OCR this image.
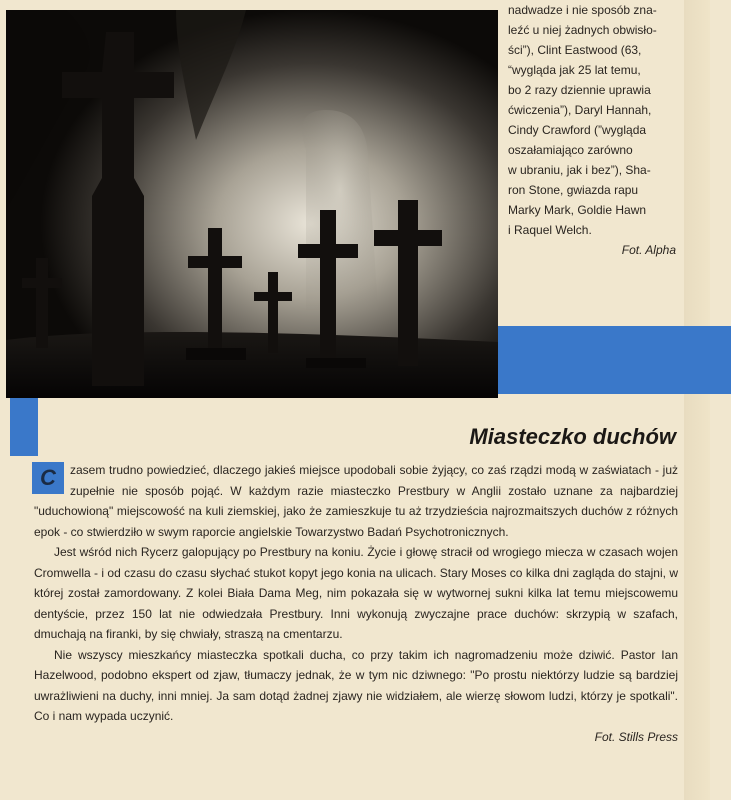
nadwadze i nie sposób zna-
leźć u niej żadnych obwisło-
ści”), Clint Eastwood (63,
“wygląda jak 25 lat temu,
bo 2 razy dziennie uprawia
ćwiczenia”), Daryl Hannah,
Cindy Crawford (”wygląda
oszałamiająco zarówno
w ubraniu, jak i bez”), Sha-
ron Stone, gwiazda rapu
Marky Mark, Goldie Hawn
i Raquel Welch.
Fot. Alpha
Miasteczko duchów

C	zasem trudno powiedzieć, dlaczego jakieś miejsce upodobali sobie żyjący, co zaś rządzi modą w zaświatach - już zupełnie nie sposób pojąć. W każdym razie miasteczko Prestbury w Anglii zostało uznane za najbardziej "uduchowioną" miejscowość na kuli ziemskiej, jako że zamieszkuje tu aż trzydzieścia najrozmaitszych duchów z różnych epok - co stwierdziło w swym raporcie angielskie Towarzystwo Badań Psychotronicznych.

Jest wśród nich Rycerz galopujący po Prestbury na koniu. Życie i głowę stracił od wrogiego miecza w czasach wojen Cromwella - i od czasu do czasu słychać stukot kopyt jego konia na ulicach. Stary Moses co kilka dni zagląda do stajni, w której został zamordowany. Z kolei Biała Dama Meg, nim pokazała się w wytwornej sukni kilka lat temu miejscowemu dentyście, przez 150 lat nie odwiedzała Prestbury. Inni wykonują zwyczajne prace duchów: skrzypią w szafach, dmuchają na firanki, by się chwiały, straszą na cmentarzu.

Nie wszyscy mieszkańcy miasteczka spotkali ducha, co przy takim ich nagromadzeniu może dziwić. Pastor Ian Hazelwood, podobno ekspert od zjaw, tłumaczy jednak, że w tym nic dziwnego: "Po prostu niektórzy ludzie są bardziej uwrażliwieni na duchy, inni mniej. Ja sam dotąd żadnej zjawy nie widziałem, ale wierzę słowom ludzi, którzy je spotkali". Co i nam wypada uczynić.

Fot. Stills Press
